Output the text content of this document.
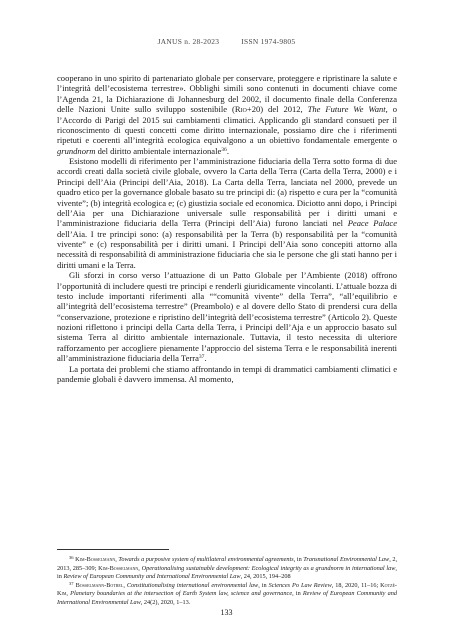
JANUS n. 28-2023	ISSN 1974-9805

cooperano in uno spirito di partenariato globale per conservare, proteggere e ripristinare la salute e l’integrità dell’ecosistema terrestre». Obblighi simili sono contenuti in documenti chiave come l’Agenda 21, la Dichiarazione di Johannesburg del 2002, il documento finale della Conferenza delle Nazioni Unite sullo sviluppo sostenibile (Rio+20) del 2012, The Future We Want, o l’Accordo di Parigi del 2015 sui cambiamenti climatici. Applicando gli standard consueti per il riconoscimento di questi concetti come diritto internazionale, possiamo dire che i riferimenti ripetuti e coerenti all’integrità ecologica equivalgono a un obiettivo fondamentale emergente o grundnorm del diritto ambientale internazionale$^{36}$.

Esistono modelli di riferimento per l’amministrazione fiduciaria della Terra sotto forma di due accordi creati dalla società civile globale, ovvero la Carta della Terra (Carta della Terra, 2000) e i Principi dell’Aia (Principi dell’Aia, 2018). La Carta della Terra, lanciata nel 2000, prevede un quadro etico per la governance globale basato su tre principi di: (a) rispetto e cura per la “comunità vivente”; (b) integrità ecologica e; (c) giustizia sociale ed economica. Diciotto anni dopo, i Principi dell’Aia per una Dichiarazione universale sulle responsabilità per i diritti umani e l’amministrazione fiduciaria della Terra (Principi dell’Aia) furono lanciati nel Peace Palace dell’Aia. I tre principi sono: (a) responsabilità per la Terra (b) responsabilità per la “comunità vivente” e (c) responsabilità per i diritti umani. I Principi dell’Aia sono concepiti attorno alla necessità di responsabilità di amministrazione fiduciaria che sia le persone che gli stati hanno per i diritti umani e la Terra.

Gli sforzi in corso verso l’attuazione di un Patto Globale per l’Ambiente (2018) offrono l’opportunità di includere questi tre principi e renderli giuridicamente vincolanti. L’attuale bozza di testo include importanti riferimenti alla ““comunità vivente” della Terra”, “all’equilibrio e all’integrità dell’ecosistema terrestre” (Preambolo) e al dovere dello Stato di prendersi cura della “conservazione, protezione e ripristino dell’integrità dell’ecosistema terrestre” (Articolo 2). Queste nozioni riflettono i principi della Carta della Terra, i Principi dell’Aja e un approccio basato sul sistema Terra al diritto ambientale internazionale. Tuttavia, il testo necessita di ulteriore rafforzamento per accogliere pienamente l’approccio del sistema Terra e le responsabilità inerenti all’amministrazione fiduciaria della Terra$^{37}$.

La portata dei problemi che stiamo affrontando in tempi di drammatici cambiamenti climatici e pandemie globali è davvero immensa. Al momento,

$^{36}$ Kim-Bosselmann, Towards a purposive system of multilateral environmental agreements, in Transnational Environmental Law, 2, 2013, 285–309; Kim-Bosselmann, Operationalising sustainable development: Ecological integrity as a grundnorm in international law, in Review of European Community and International Environmental Law, 24, 2015, 194–208

$^{37}$ Bosselmann-Botrel, Constitutionalising international environmental law, in Sciences Po Law Review, 18, 2020, 11–16; Kotzé-Kim, Planetary boundaries at the intersection of Earth System law, science and governance, in Review of European Community and International Environmental Law, 24(2), 2020, 1–13.

133
